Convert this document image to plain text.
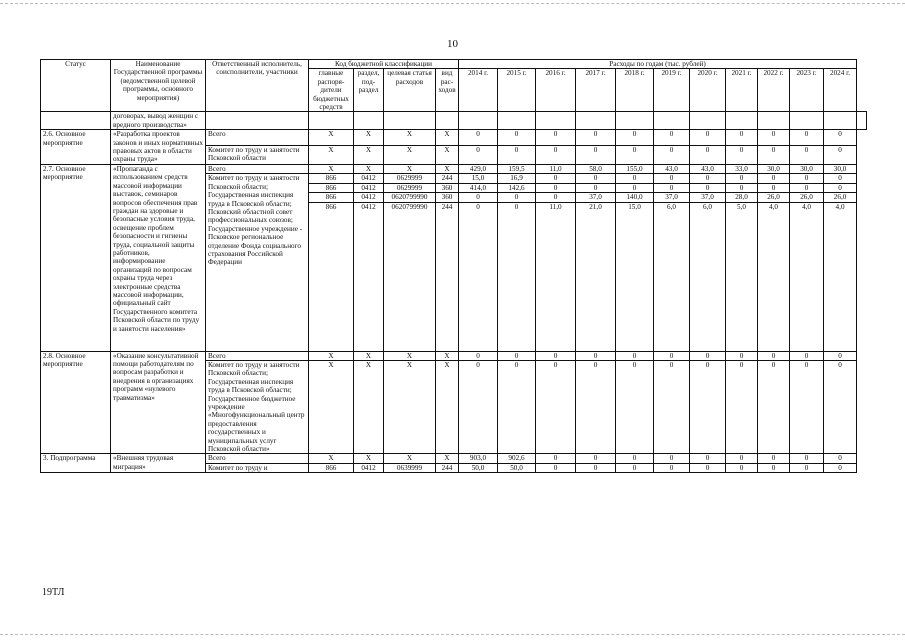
10
Статус	Наименование Государственной программы (ведомственной целевой программы, основного мероприятия)	Ответственный исполнитель, соисполнители, участники	Код бюджетной классификации				Расходы по годам (тыс. рублей)											
			главные распоря-дители бюджетных средств	раздел, под-раздел	целевая статья расходов	вид рас-ходов	2014 г.	2015 г.	2016 г.	2017 г.	2018 г.	2019 г.	2020 г.	2021 г.	2022 г.	2023 г.	2024 г.	
	договорах, вывод женщин с вредного производства»																	
2.6. Основное мероприятие	«Разработка проектов законов и иных нормативных правовых актов в области охраны труда»	Всего	X	X	X	X	0	0	0	0	0	0	0	0	0	0	0	
		Комитет по труду и занятости Псковской области	X	X	X	X	0	0	0	0	0	0	0	0	0	0	0	
2.7. Основное мероприятие	«Пропаганда с использованием средств массовой информации выставок, семинаров вопросов обеспечения прав граждан на здоровые и безопасные условия труда, освещение проблем безопасности и гигиены труда, социальной защиты работников, информирование организаций по вопросам охраны труда через электронные средства массовой информации, официальный сайт Государственного комитета Псковской области по труду и занятости населения»	Всего	X	X	X	X	429,0	159,5	11,0	58,0	155,0	43,0	43,0	33,0	30,0	30,0	30,0	
		Комитет по труду и занятости Псковской области; Государственная инспекция труда в Псковской области; Псковский областной совет профессиональных союзов; Государственное учреждение - Псковское региональное отделение Фонда социального страхования Российской Федерации	866	0412	0629999	244	15,0	16,9	0	0	0	0	0	0	0	0	0	
			866	0412	0629999	360	414,0	142,6	0	0	0	0	0	0	0	0	0	
			866	0412	0620799990	360	0	0	0	37,0	140,0	37,0	37,0	28,0	26,0	26,0	26,0	
			866	0412	0620799990	244	0	0	11,0	21,0	15,0	6,0	6,0	5,0	4,0	4,0	4,0	
2.8. Основное мероприятие	«Оказание консультативной помощи работодателям по вопросам разработки и внедрения в организациях программ «нулевого травматизма»	Всего	X	X	X	X	0	0	0	0	0	0	0	0	0	0	0	
		Комитет по труду и занятости Псковской области; Государственная инспекция труда в Псковской области; Государственное бюджетное учреждение «Многофункциональный центр предоставления государственных и муниципальных услуг Псковской области»	X	X	X	X	0	0	0	0	0	0	0	0	0	0	0	
3. Подпрограмма	«Внешняя трудовая миграция»	Всего	X	X	X	X	903,0	902,6	0	0	0	0	0	0	0	0	0	
		Комитет по труду и	866	0412	0639999	244	50,0	50,0	0	0	0	0	0	0	0	0	0	
19ТЛ
